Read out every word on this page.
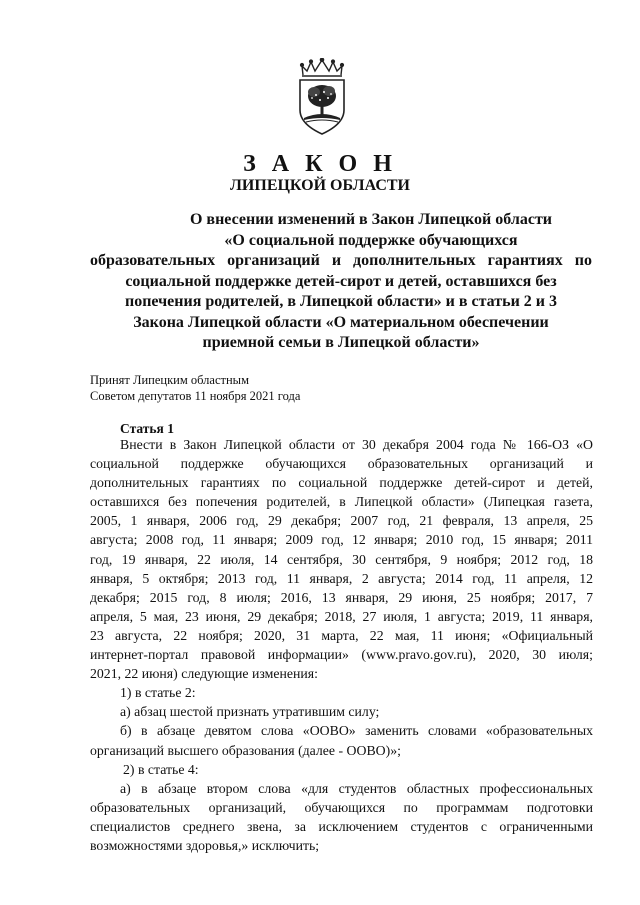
З А К О Н
ЛИПЕЦКОЙ ОБЛАСТИ
О внесении изменений в Закон Липецкой области
«О социальной поддержке обучающихся
образовательных организаций и дополнительных гарантиях по
социальной поддержке детей-сирот и детей, оставшихся без
попечения родителей, в Липецкой области» и в статьи 2 и 3
Закона Липецкой области «О материальном обеспечении
приемной семьи в Липецкой области»
Принят Липецким областным
Советом депутатов 11 ноября 2021 года
Статья 1
Внести в Закон Липецкой области от 30 декабря 2004 года № 166-ОЗ «О
социальной поддержке обучающихся образовательных организаций и
дополнительных гарантиях по социальной поддержке детей-сирот и детей,
оставшихся без попечения родителей, в Липецкой области» (Липецкая газета,
2005, 1 января, 2006 год, 29 декабря; 2007 год, 21 февраля, 13 апреля, 25
августа; 2008 год, 11 января; 2009 год, 12 января; 2010 год, 15 января; 2011
год, 19 января, 22 июля, 14 сентября, 30 сентября, 9 ноября; 2012 год, 18
января, 5 октября; 2013 год, 11 января, 2 августа; 2014 год, 11 апреля, 12
декабря; 2015 год, 8 июля; 2016, 13 января, 29 июня, 25 ноября; 2017, 7
апреля, 5 мая, 23 июня, 29 декабря; 2018, 27 июля, 1 августа; 2019, 11 января,
23 августа, 22 ноября; 2020, 31 марта, 22 мая, 11 июня; «Официальный
интернет-портал правовой информации» (www.pravo.gov.ru), 2020, 30 июля;
2021, 22 июня) следующие изменения:
1) в статье 2:
а) абзац шестой признать утратившим силу;
б) в абзаце девятом слова «ООВО» заменить словами «образовательных
организаций высшего образования (далее - ООВО)»;
2) в статье 4:
а) в абзаце втором слова «для студентов областных профессиональных
образовательных организаций, обучающихся по программам подготовки
специалистов среднего звена, за исключением студентов с ограниченными
возможностями здоровья,» исключить;
